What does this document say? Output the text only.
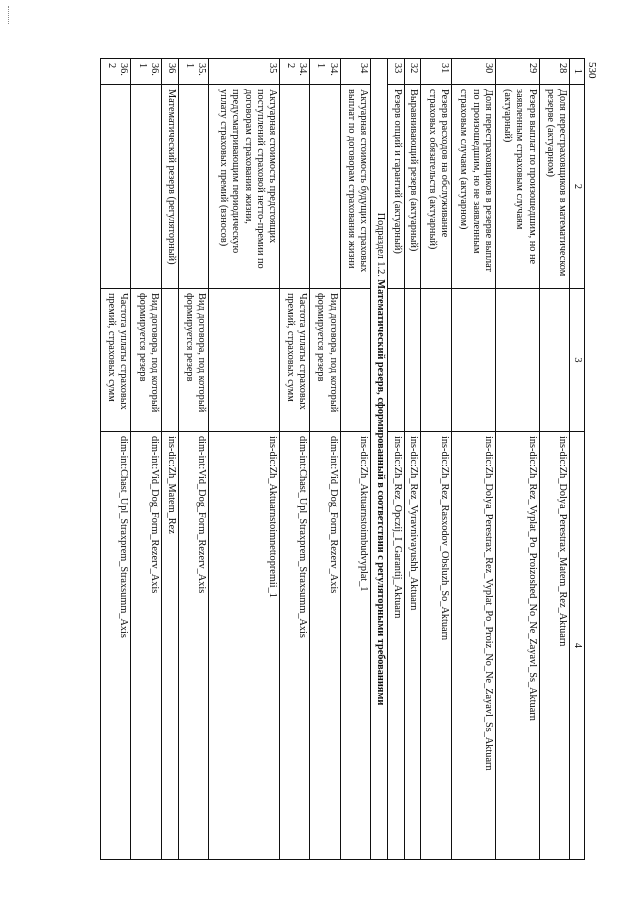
530
1	2	3	4
28	Доля перестраховщиков в математическом резерве (актуарном)		ins-dic:Zh_Dolya_Perestrax_Matem_Rez_Aktuarn
29	Резерв выплат по произошедшим, но не заявленным страховым случаям (актуарный)		ins-dic:Zh_Rez_Vyplat_Po_Proizoshed_No_Ne_Zayavl_Ss_Aktuarn
30	Доля перестраховщиков в резерве выплат по произошедшим, но не заявленным страховым случаям (актуарном)		ins-dic:Zh_Dolya_Perestrax_Rez_Vyplat_Po_Proiz_No_Ne_Zayavl_Ss_Aktuarn
31	Резерв расходов на обслуживание страховых обязательств (актуарный)		ins-dic:Zh_Rez_Rasxodov_Obsluzh_So_Aktuarn
32	Выравнивающий резерв (актуарный)		ins-dic:Zh_Rez_Vyravnivayushh_Aktuarn
33	Резерв опций и гарантий (актуарный)		ins-dic:Zh_Rez_Opczij_I_Garantij_Aktuarn
Подраздел 1.2. Математический резерв, сформированный в соответствии с регуляторными требованиями			
34	Актуарная стоимость будущих страховых выплат по договорам страхования жизни		ins-dic:Zh_Aktuarnstoimbudvyplat_1
34.1		Вид договора, под который формируется резерв	dim-int:Vid_Dog_Form_Rezerv_Axis
34.2		Частота уплаты страховых премий, страховых сумм	dim-int:Chast_Upl_Straxprem_Straxsumm_Axis
35	Актуарная стоимость предстоящих поступлений страховой нетто-премии по договорам страхования жизни, предусматривающим периодическую уплату страховых премий (взносов)		ins-dic:Zh_Aktuarnstoimnettopremii_1
35.1		Вид договора, под который формируется резерв	dim-int:Vid_Dog_Form_Rezerv_Axis
36	Математический резерв (регуляторный)		ins-dic:Zh_Matem_Rez
36.1		Вид договора, под который формируется резерв	dim-int:Vid_Dog_Form_Rezerv_Axis
36.2		Частота уплаты страховых премий, страховых сумм	dim-int:Chast_Upl_Straxprem_Straxsumm_Axis
